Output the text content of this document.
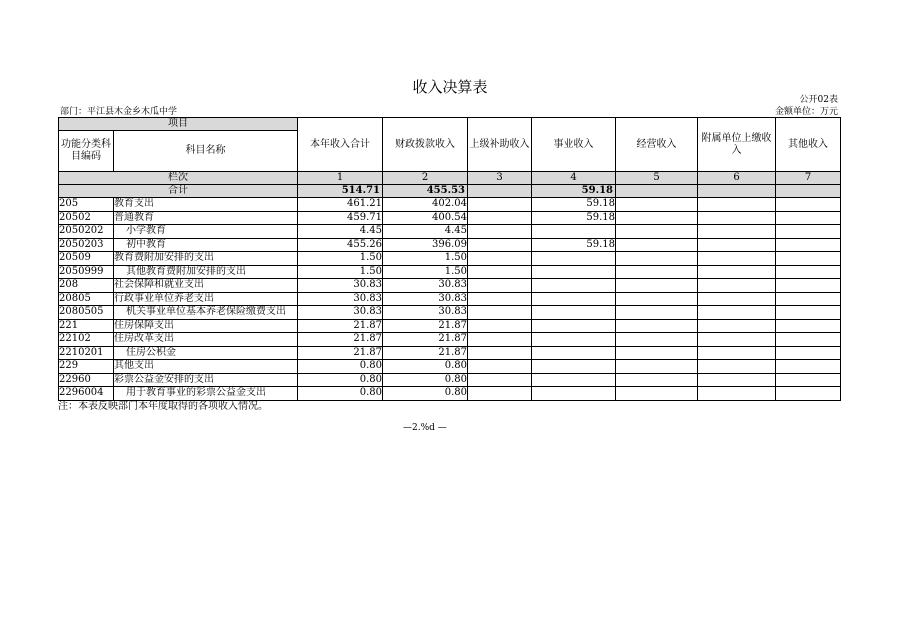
收入决算表
公开02表
部门：平江县木金乡木瓜中学	金额单位：万元
项目		本年收入合计	财政拨款收入	上级补助收入	事业收入	经营收入	附属单位上缴收入	其他收入
功能分类科目编码	科目名称							
栏次		1	2	3	4	5	6	7
合计		514.71	455.53		59.18			
205	教育支出	461.21	402.04		59.18			
20502	普通教育	459.71	400.54		59.18			
2050202	小学教育	4.45	4.45					
2050203	初中教育	455.26	396.09		59.18			
20509	教育费附加安排的支出	1.50	1.50					
2050999	其他教育费附加安排的支出	1.50	1.50					
208	社会保障和就业支出	30.83	30.83					
20805	行政事业单位养老支出	30.83	30.83					
2080505	机关事业单位基本养老保险缴费支出	30.83	30.83					
221	住房保障支出	21.87	21.87					
22102	住房改革支出	21.87	21.87					
2210201	住房公积金	21.87	21.87					
229	其他支出	0.80	0.80					
22960	彩票公益金安排的支出	0.80	0.80					
2296004	用于教育事业的彩票公益金支出	0.80	0.80					
注：本表反映部门本年度取得的各项收入情况。
—2.%d —
